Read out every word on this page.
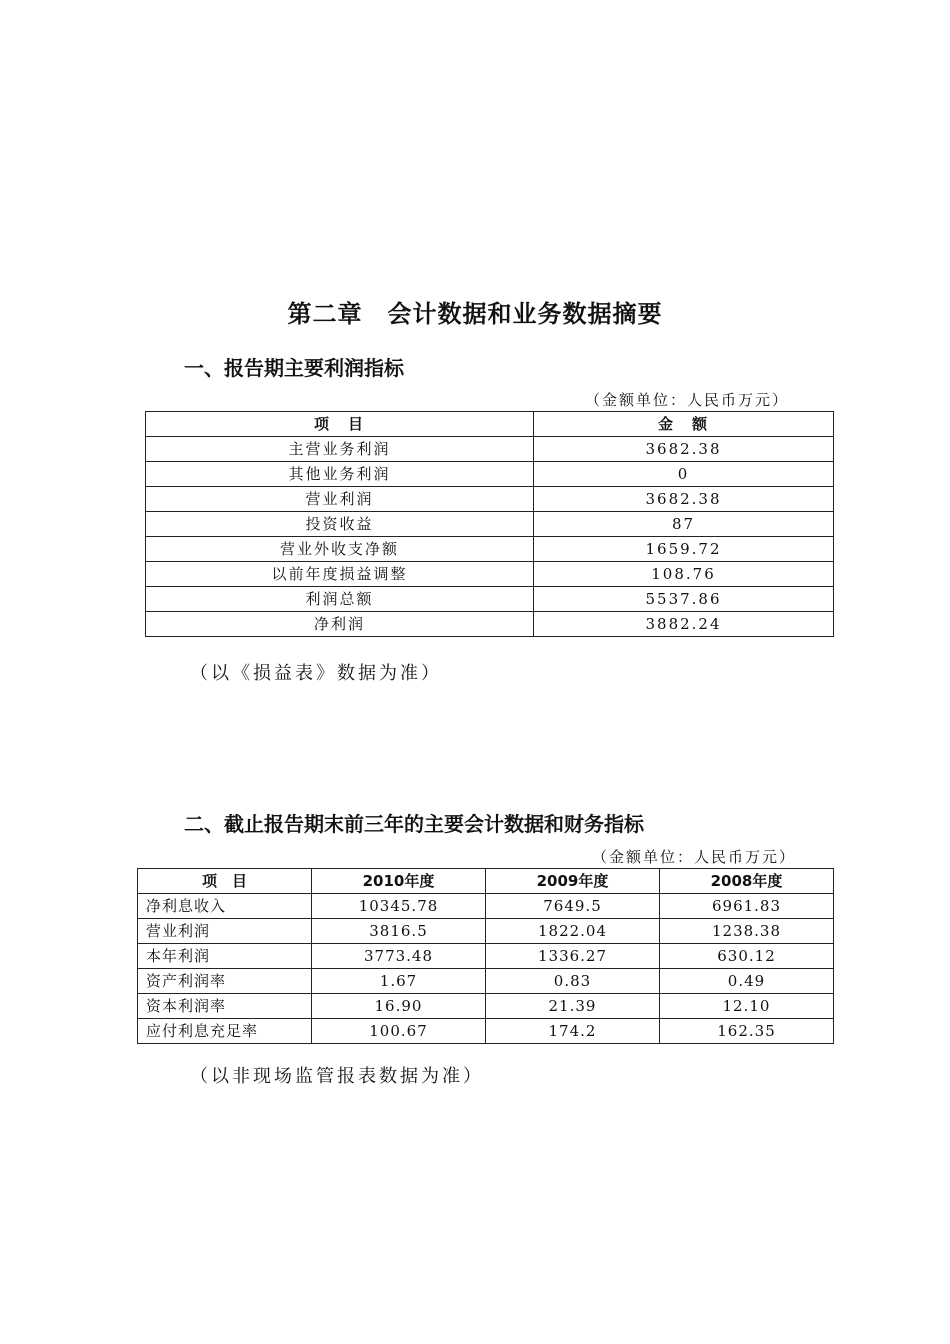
第二章　会计数据和业务数据摘要
一、报告期主要利润指标
（金额单位：人民币万元）
项　目	金　额
主营业务利润	3682.38
其他业务利润	0
营业利润	3682.38
投资收益	87
营业外收支净额	1659.72
以前年度损益调整	108.76
利润总额	5537.86
净利润	3882.24
（以《损益表》数据为准）
二、截止报告期末前三年的主要会计数据和财务指标
（金额单位：人民币万元）
项　目	2010年度	2009年度	2008年度
净利息收入	10345.78	7649.5	6961.83
营业利润	3816.5	1822.04	1238.38
本年利润	3773.48	1336.27	630.12
资产利润率	1.67	0.83	0.49
资本利润率	16.90	21.39	12.10
应付利息充足率	100.67	174.2	162.35
（以非现场监管报表数据为准）
